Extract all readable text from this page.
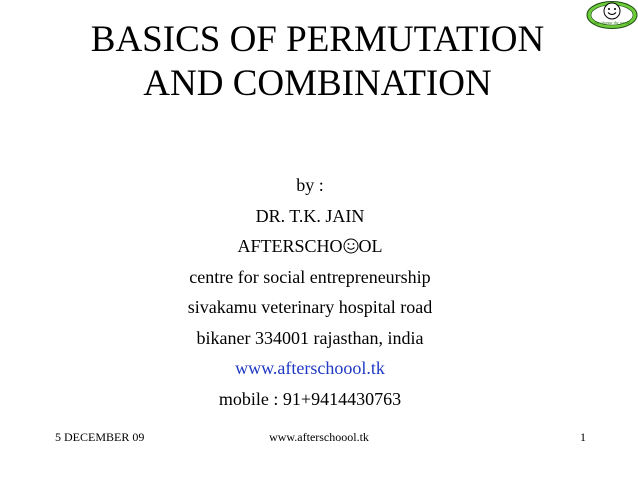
BASICS OF PERMUTATION
AND COMBINATION
the change the world
by :
DR. T.K. JAIN
AFTERSCHO OL
centre for social entrepreneurship
sivakamu veterinary hospital road
bikaner 334001 rajasthan, india
www.afterschoool.tk
mobile : 91+9414430763
5 DECEMBER 09	www.afterschoool.tk	1
